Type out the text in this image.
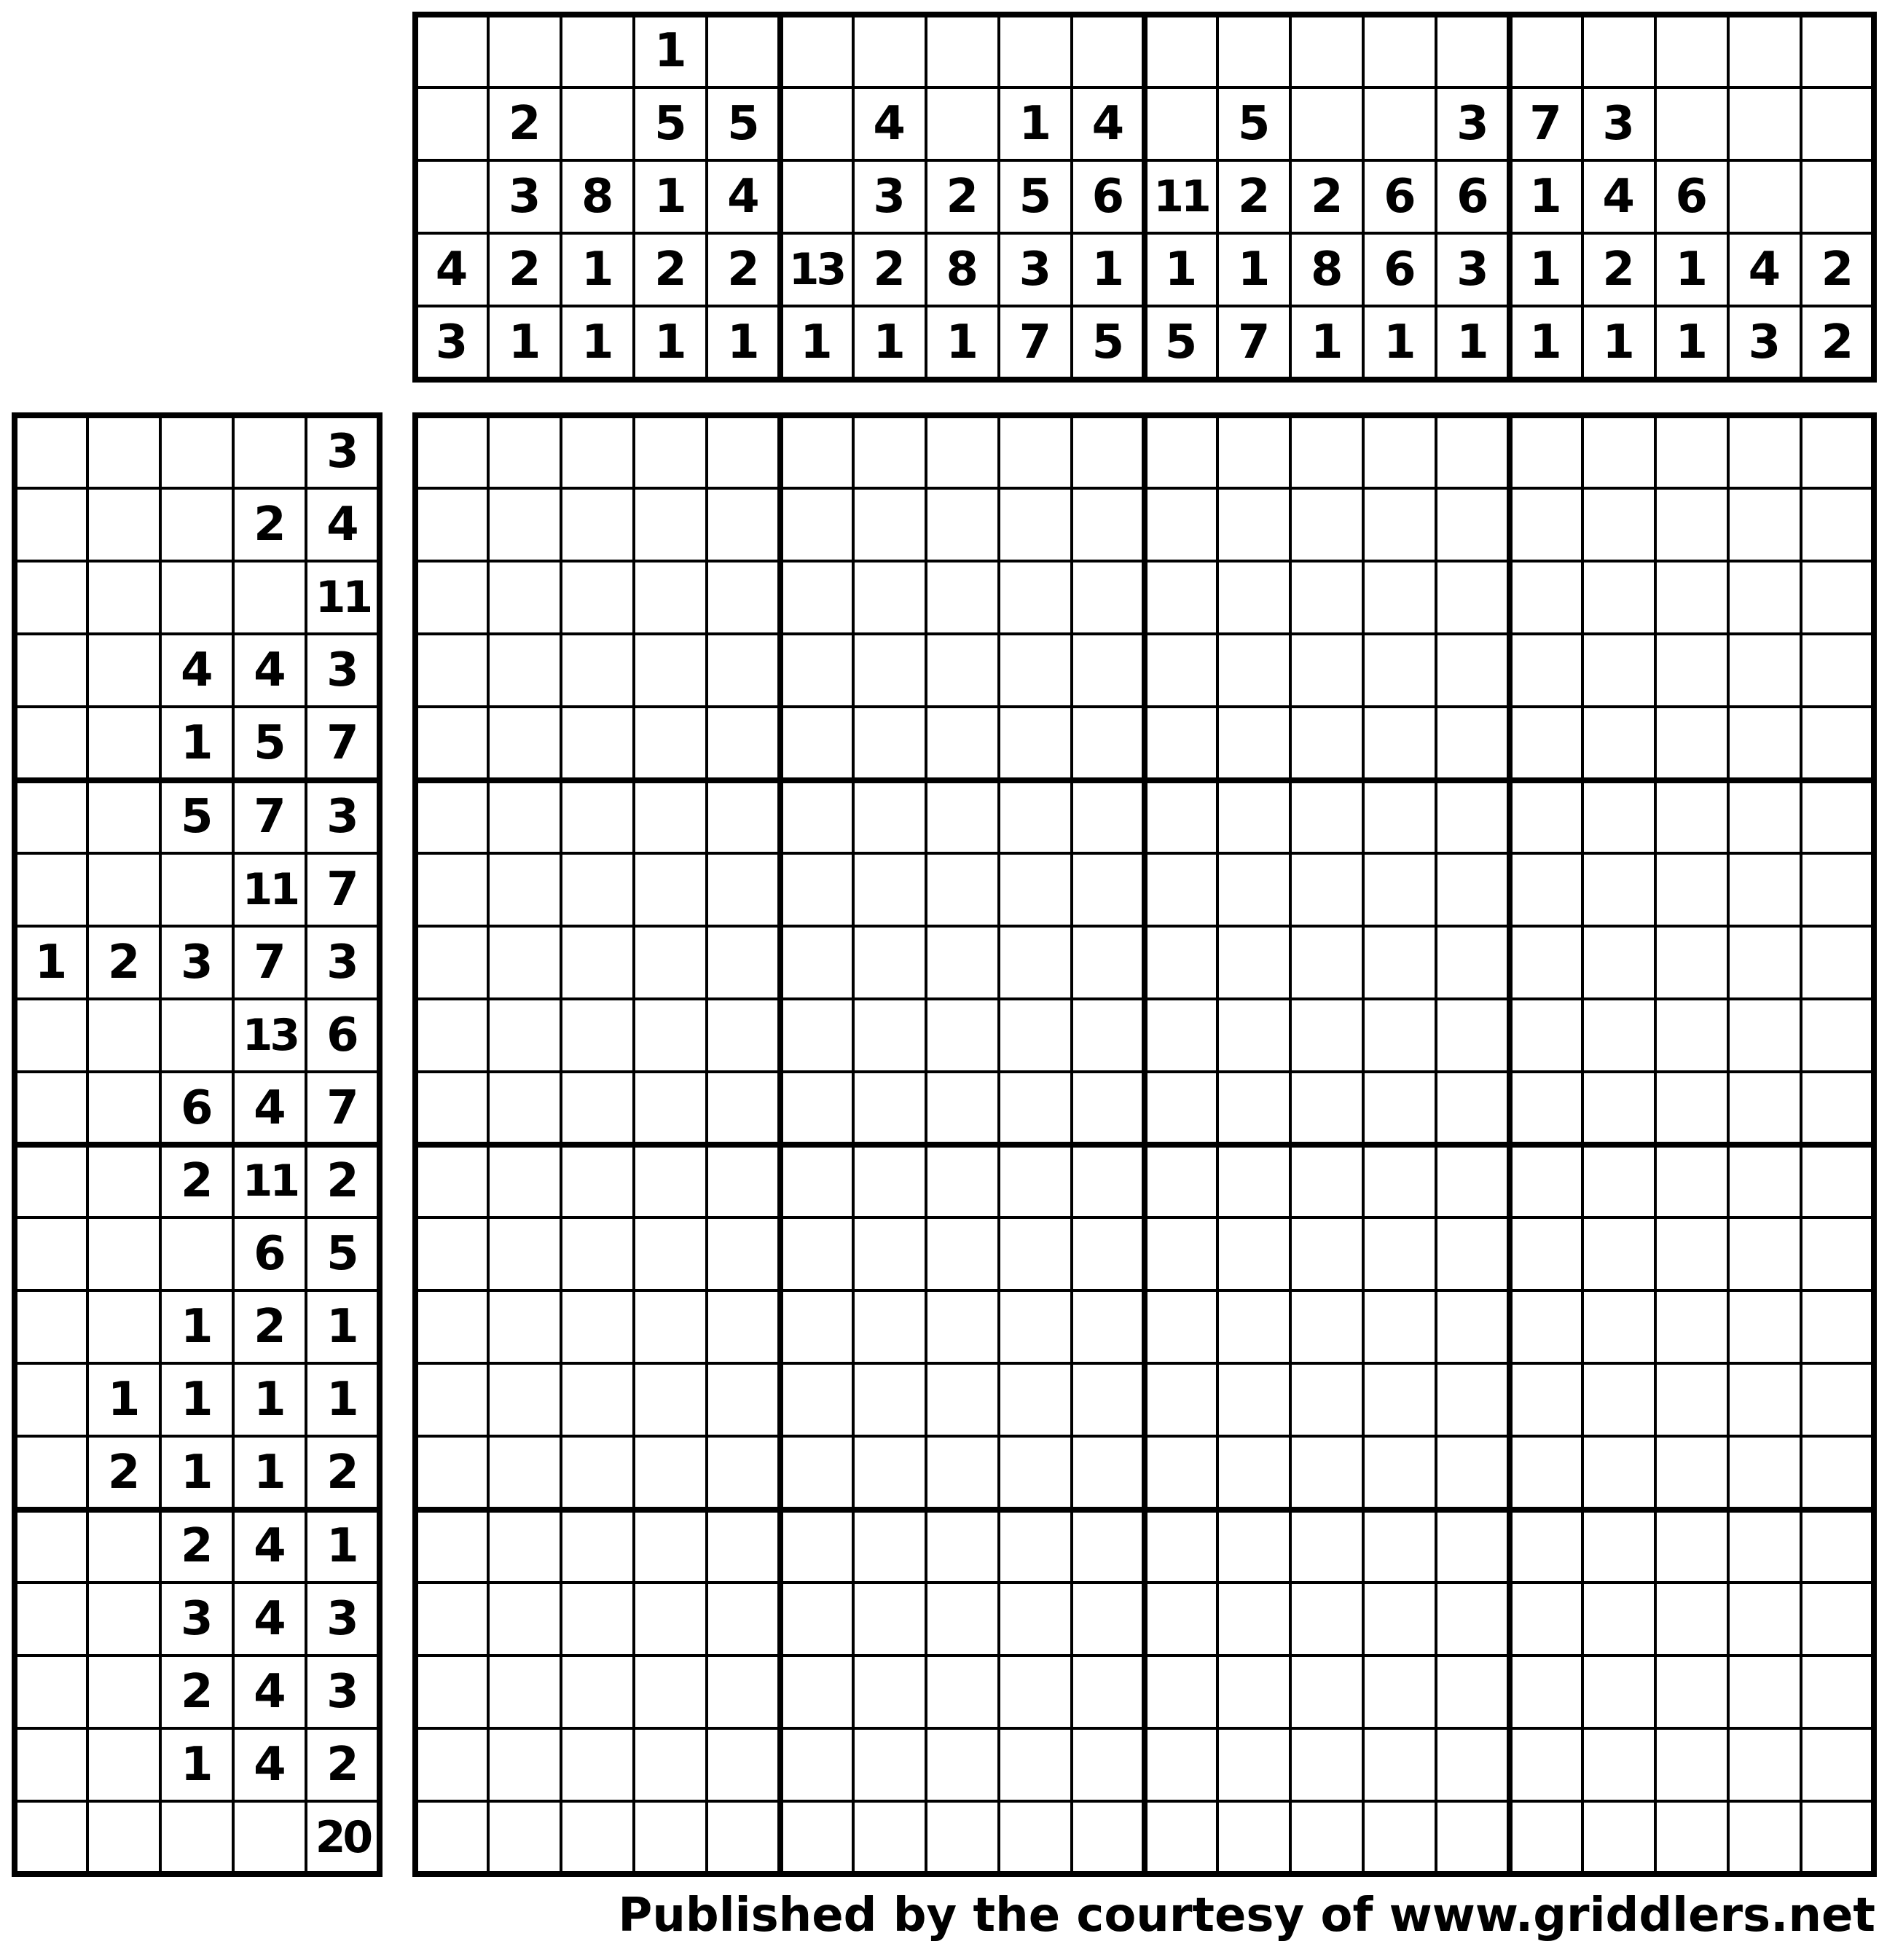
4
3
2
3
2
1
8
1
1
1
5
1
2
1
5
4
2
1
13
1
4
3
2
1
2
8
1
1
5
3
7
4
6
1
5
11
1
5
5
2
1
7
2
8
1
6
6
1
3
6
3
1
7
1
1
1
3
4
2
1
6
1
1
4
3
2
2
3
2 4
11
4 4 3
1 5 7
5 7 3
11 7
1 2 3 7 3
13 6
6 4 7
2 11 2
6 5
1 2 1
1 1 1 1
2 1 1 2
2 4 1
3 4 3
2 4 3
1 4 2
20
Published by the courtesy of www.griddlers.net
